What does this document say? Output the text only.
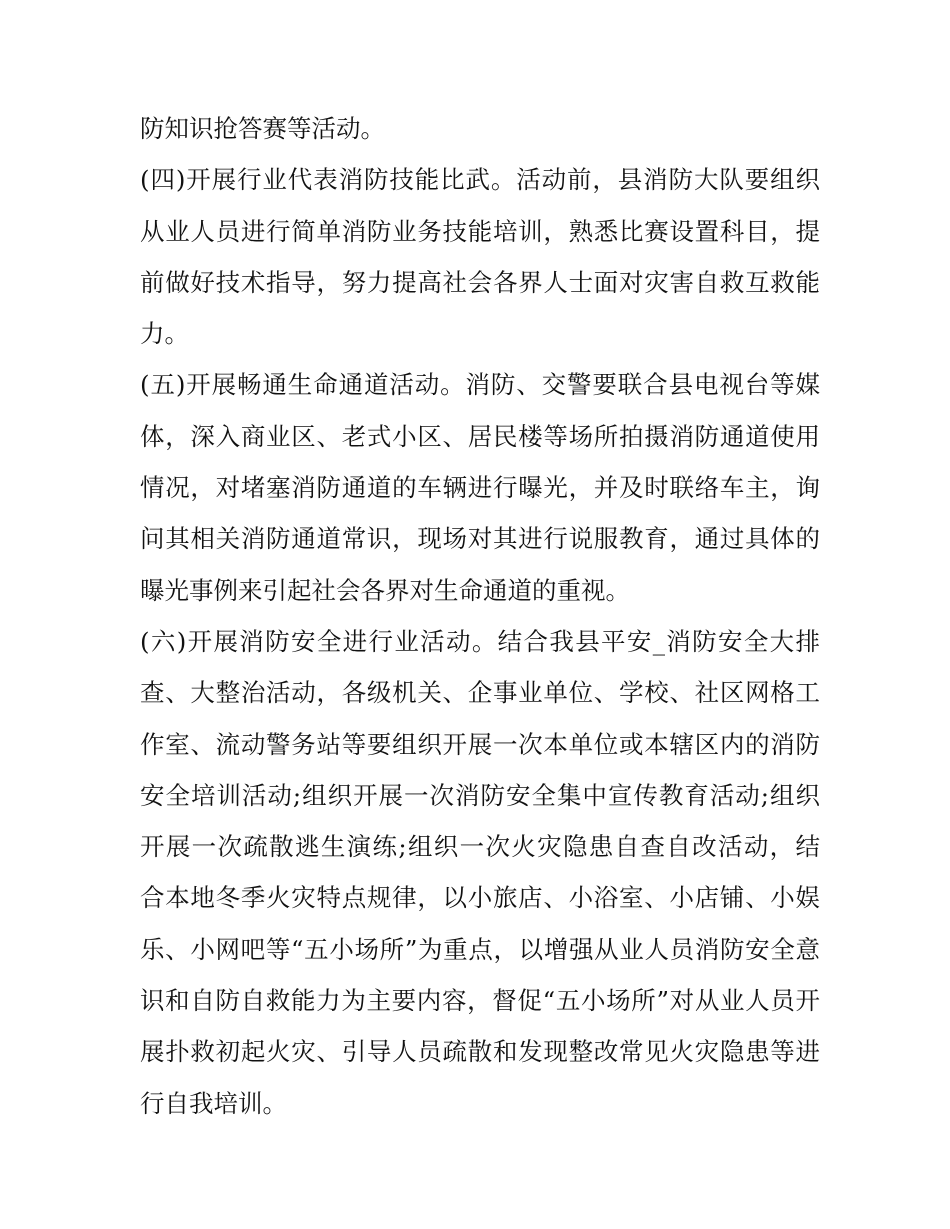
防知识抢答赛等活动。
(四)开展行业代表消防技能比武。活动前，县消防大队要组织
从业人员进行简单消防业务技能培训，熟悉比赛设置科目，提
前做好技术指导，努力提高社会各界人士面对灾害自救互救能
力。
(五)开展畅通生命通道活动。消防、交警要联合县电视台等媒
体，深入商业区、老式小区、居民楼等场所拍摄消防通道使用
情况，对堵塞消防通道的车辆进行曝光，并及时联络车主，询
问其相关消防通道常识，现场对其进行说服教育，通过具体的
曝光事例来引起社会各界对生命通道的重视。
(六)开展消防安全进行业活动。结合我县平安_消防安全大排
查、大整治活动，各级机关、企事业单位、学校、社区网格工
作室、流动警务站等要组织开展一次本单位或本辖区内的消防
安全培训活动;组织开展一次消防安全集中宣传教育活动;组织
开展一次疏散逃生演练;组织一次火灾隐患自查自改活动，结
合本地冬季火灾特点规律，以小旅店、小浴室、小店铺、小娱
乐、小网吧等“五小场所”为重点，以增强从业人员消防安全意
识和自防自救能力为主要内容，督促“五小场所”对从业人员开
展扑救初起火灾、引导人员疏散和发现整改常见火灾隐患等进
行自我培训。
